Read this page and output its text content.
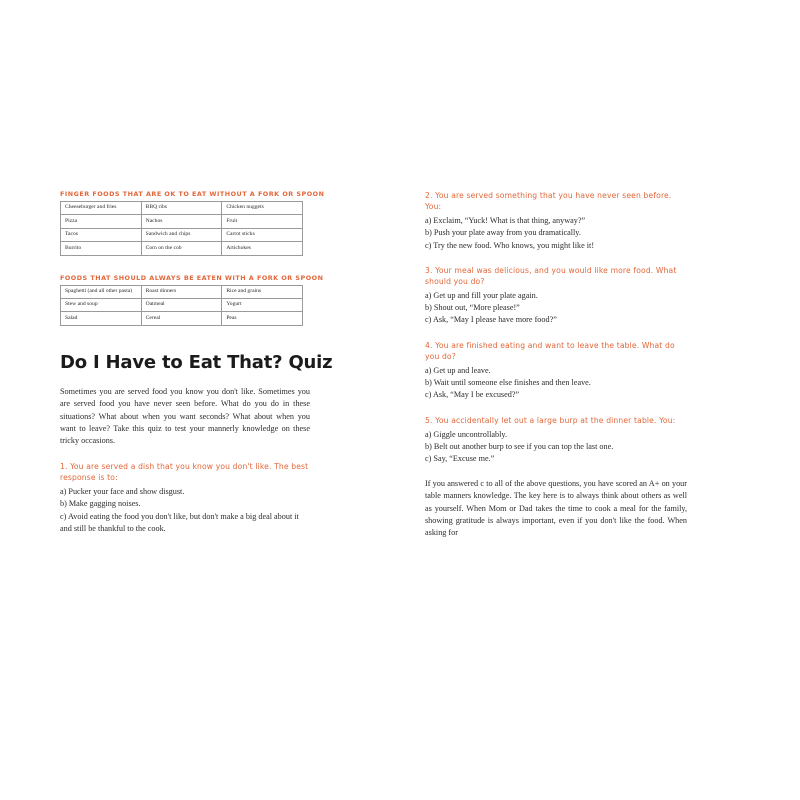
FINGER FOODS THAT ARE OK TO EAT WITHOUT A FORK OR SPOON
Cheeseburger and fries	BBQ ribs	Chicken nuggets
Pizza	Nachos	Fruit
Tacos	Sandwich and chips	Carrot sticks
Burrito	Corn on the cob	Artichokes
FOODS THAT SHOULD ALWAYS BE EATEN WITH A FORK OR SPOON
Spaghetti (and all other pasta)	Roast dinners	Rice and grains
Stew and soup	Oatmeal	Yogurt
Salad	Cereal	Peas
Do I Have to Eat That? Quiz

Sometimes you are served food you know you don't like. Sometimes you are served food you have never seen before. What do you do in these situations? What about when you want seconds? What about when you want to leave? Take this quiz to test your mannerly knowledge on these tricky occasions.

1. You are served a dish that you know you don't like. The best response is to:
a) Pucker your face and show disgust.
b) Make gagging noises.
c) Avoid eating the food you don't like, but don't make a big deal about it and still be thankful to the cook.
2. You are served something that you have never seen before. You:
a) Exclaim, “Yuck! What is that thing, anyway?”
b) Push your plate away from you dramatically.
c) Try the new food. Who knows, you might like it!
3. Your meal was delicious, and you would like more food. What should you do?
a) Get up and fill your plate again.
b) Shout out, “More please!”
c) Ask, “May I please have more food?”
4. You are finished eating and want to leave the table. What do you do?
a) Get up and leave.
b) Wait until someone else finishes and then leave.
c) Ask, “May I be excused?”
5. You accidentally let out a large burp at the dinner table. You:
a) Giggle uncontrollably.
b) Belt out another burp to see if you can top the last one.
c) Say, “Excuse me.”

If you answered c to all of the above questions, you have scored an A+ on your table manners knowledge. The key here is to always think about others as well as yourself. When Mom or Dad takes the time to cook a meal for the family, showing gratitude is always important, even if you don't like the food. When asking for
